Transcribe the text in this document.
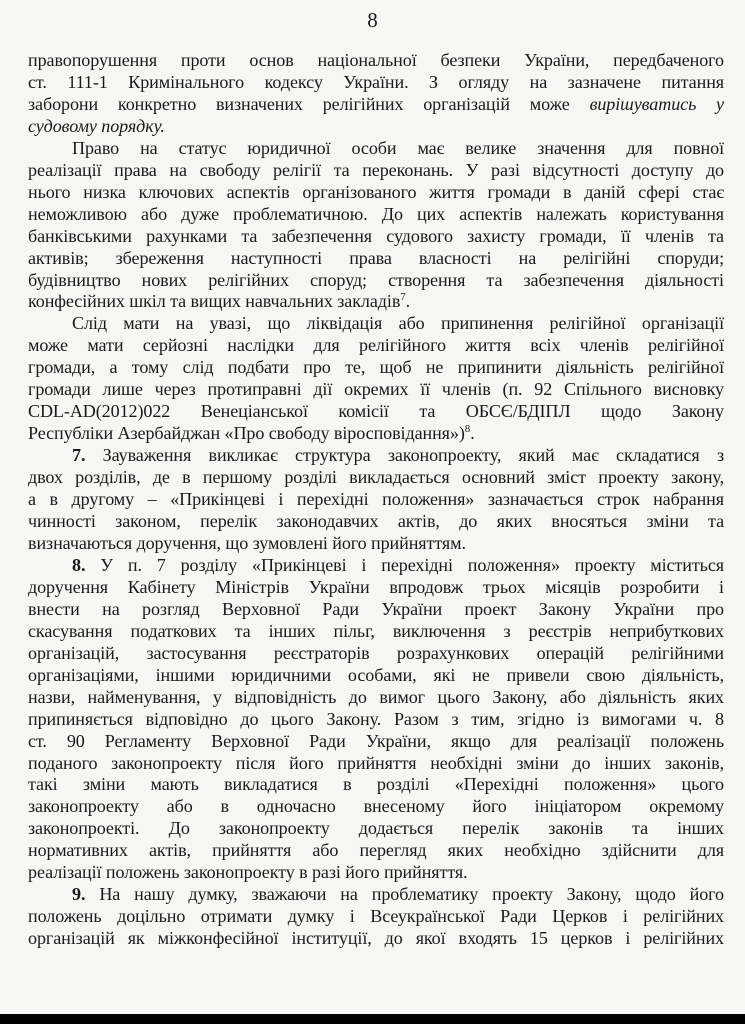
8

правопорушення проти основ національної безпеки України, передбаченого
ст. 111-1 Кримінального кодексу України. З огляду на зазначене питання
заборони конкретно визначених релігійних організацій може вирішуватись у
судовому порядку.

Право на статус юридичної особи має велике значення для повної
реалізації права на свободу релігії та переконань. У разі відсутності доступу до
нього низка ключових аспектів організованого життя громади в даній сфері стає
неможливою або дуже проблематичною. До цих аспектів належать користування
банківськими рахунками та забезпечення судового захисту громади, її членів та
активів; збереження наступності права власності на релігійні споруди;
будівництво нових релігійних споруд; створення та забезпечення діяльності
конфесійних шкіл та вищих навчальних закладів$^7$.

Слід мати на увазі, що ліквідація або припинення релігійної організації
може мати серйозні наслідки для релігійного життя всіх членів релігійної
громади, а тому слід подбати про те, щоб не припинити діяльність релігійної
громади лише через протиправні дії окремих її членів (п. 92 Спільного висновку
CDL-AD(2012)022 Венеціанської комісії та ОБСЄ/БДІПЛ щодо Закону
Республіки Азербайджан «Про свободу віросповідання»)$^8$.

7. Зауваження викликає структура законопроекту, який має складатися з
двох розділів, де в першому розділі викладається основний зміст проекту закону,
а в другому – «Прикінцеві і перехідні положення» зазначається строк набрання
чинності законом, перелік законодавчих актів, до яких вносяться зміни та
визначаються доручення, що зумовлені його прийняттям.

8. У п. 7 розділу «Прикінцеві і перехідні положення» проекту міститься
доручення Кабінету Міністрів України впродовж трьох місяців розробити і
внести на розгляд Верховної Ради України проект Закону України про
скасування податкових та інших пільг, виключення з реєстрів неприбуткових
організацій, застосування реєстраторів розрахункових операцій релігійними
організаціями, іншими юридичними особами, які не привели свою діяльність,
назви, найменування, у відповідність до вимог цього Закону, або діяльність яких
припиняється відповідно до цього Закону. Разом з тим, згідно із вимогами ч. 8
ст. 90 Регламенту Верховної Ради України, якщо для реалізації положень
поданого законопроекту після його прийняття необхідні зміни до інших законів,
такі зміни мають викладатися в розділі «Перехідні положення» цього
законопроекту або в одночасно внесеному його ініціатором окремому
законопроекті. До законопроекту додається перелік законів та інших
нормативних актів, прийняття або перегляд яких необхідно здійснити для
реалізації положень законопроекту в разі його прийняття.

9. На нашу думку, зважаючи на проблематику проекту Закону, щодо його
положень доцільно отримати думку і Всеукраїнської Ради Церков і релігійних
організацій як міжконфесійної інституції, до якої входять 15 церков і релігійних
